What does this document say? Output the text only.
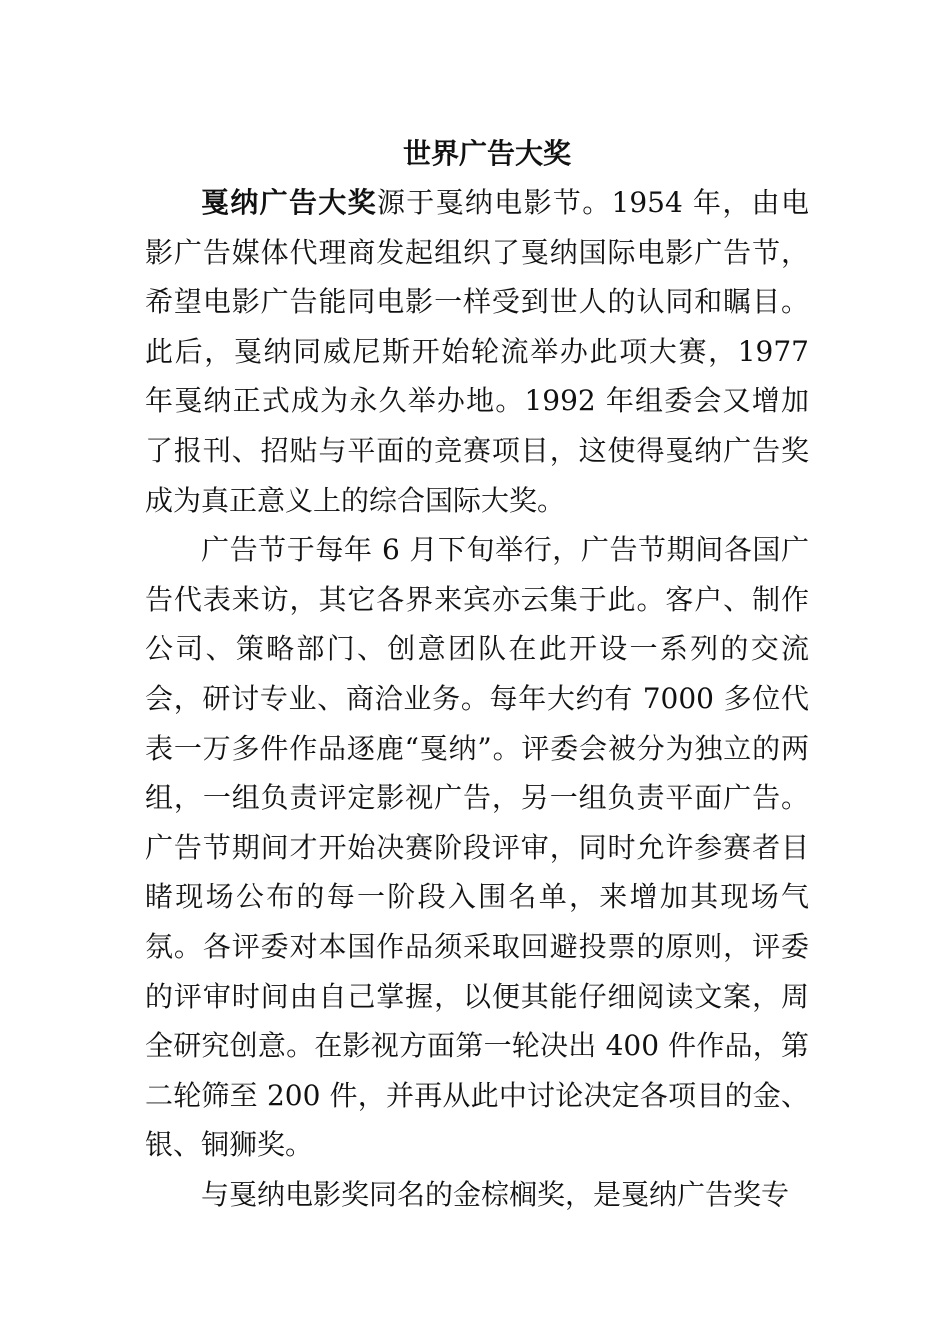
世界广告大奖

戛纳广告大奖源于戛纳电影节。1954 年，由电影广告媒体代理商发起组织了戛纳国际电影广告节，希望电影广告能同电影一样受到世人的认同和瞩目。此后，戛纳同威尼斯开始轮流举办此项大赛，1977 年戛纳正式成为永久举办地。1992 年组委会又增加了报刊、招贴与平面的竞赛项目，这使得戛纳广告奖成为真正意义上的综合国际大奖。

广告节于每年 6 月下旬举行，广告节期间各国广告代表来访，其它各界来宾亦云集于此。客户、制作公司、策略部门、创意团队在此开设一系列的交流会，研讨专业、商洽业务。每年大约有 7000 多位代表一万多件作品逐鹿“戛纳”。评委会被分为独立的两组，一组负责评定影视广告，另一组负责平面广告。广告节期间才开始决赛阶段评审，同时允许参赛者目睹现场公布的每一阶段入围名单，来增加其现场气氛。各评委对本国作品须采取回避投票的原则，评委的评审时间由自己掌握，以便其能仔细阅读文案，周全研究创意。在影视方面第一轮决出 400 件作品，第二轮筛至 200 件，并再从此中讨论决定各项目的金、银、铜狮奖。

与戛纳电影奖同名的金棕榈奖，是戛纳广告奖专
